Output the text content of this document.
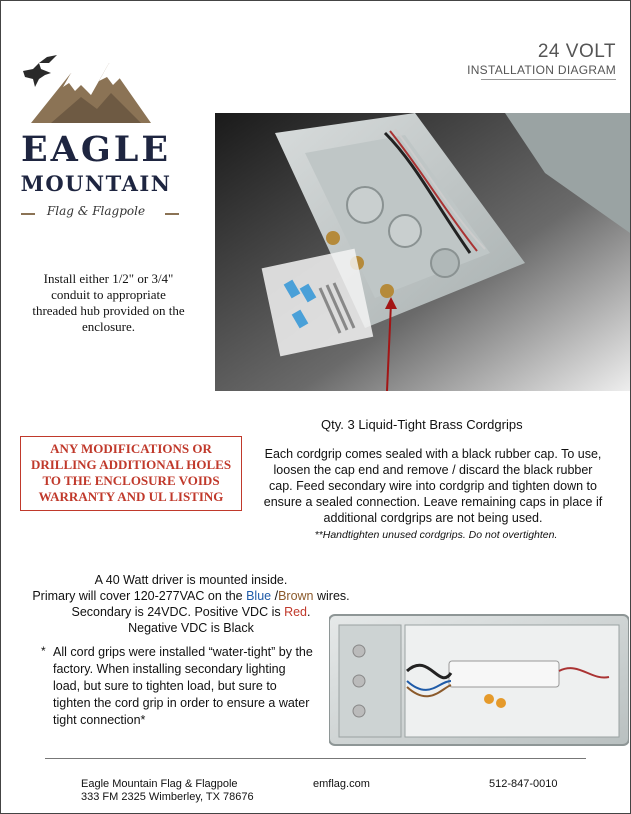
24 VOLT
INSTALLATION DIAGRAM
EAGLE
MOUNTAIN
Flag & Flagpole
Install either 1/2" or 3/4" conduit to appropriate threaded hub provided on the enclosure.
ANY MODIFICATIONS OR DRILLING ADDITIONAL HOLES TO THE ENCLOSURE VOIDS WARRANTY AND UL LISTING
Qty. 3 Liquid-Tight Brass Cordgrips
Each cordgrip comes sealed with a black rubber cap. To use, loosen the cap end and remove / discard the black rubber cap. Feed secondary wire into cordgrip and tighten down to ensure a sealed connection. Leave remaining caps in place if additional cordgrips are not being used.
**Handtighten unused cordgrips. Do not overtighten.
A 40 Watt driver is mounted inside.
Primary will cover 120-277VAC on the Blue /Brown wires.
Secondary is 24VDC. Positive VDC is Red.
Negative VDC is Black
* All cord grips were installed “water-tight” by the factory. When installing secondary lighting load, but sure to tighten load, but sure to tighten the cord grip in order to ensure a water tight connection*
Eagle Mountain Flag & Flagpole
333 FM 2325 Wimberley, TX 78676
emflag.com	512-847-0010
